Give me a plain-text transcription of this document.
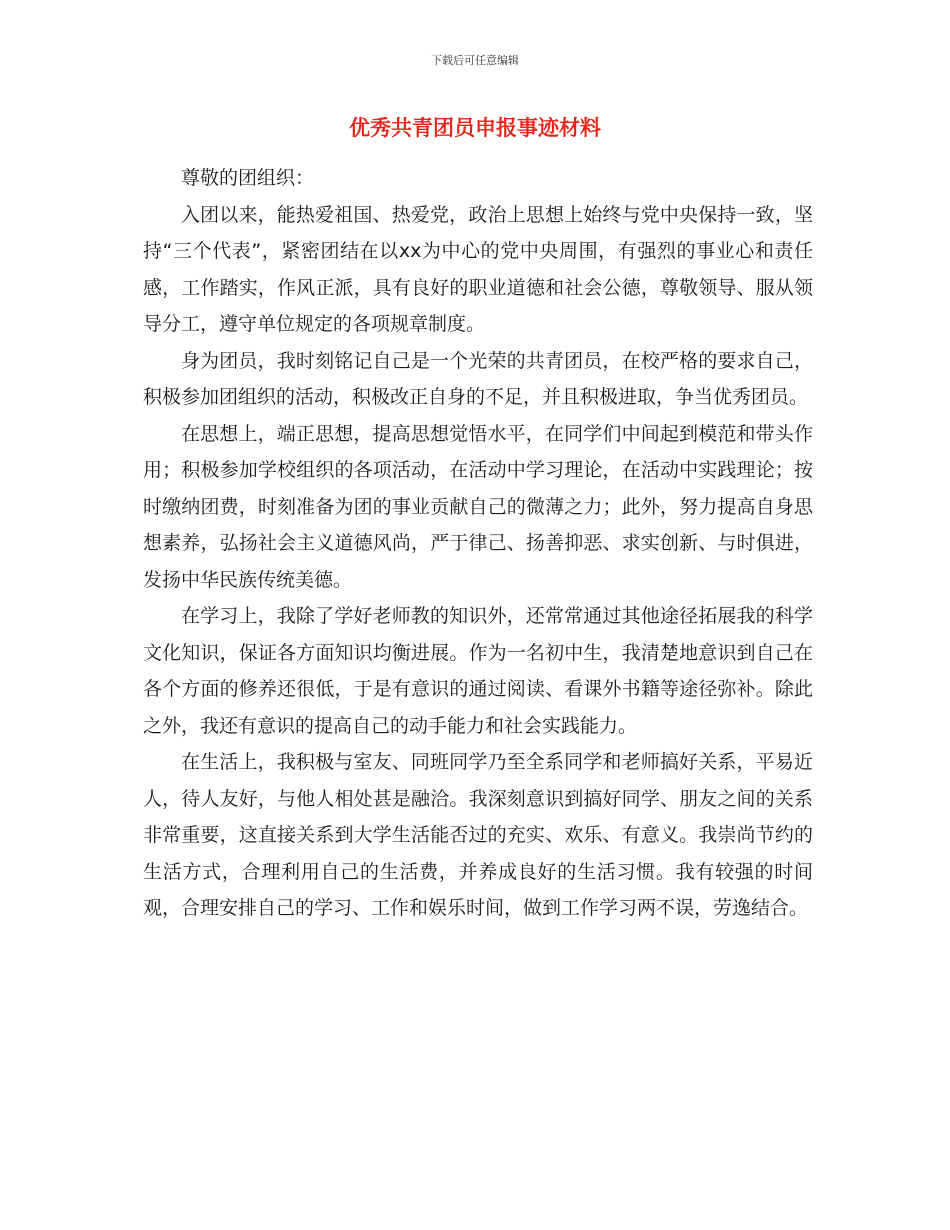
下载后可任意编辑
优秀共青团员申报事迹材料

尊敬的团组织：

入团以来，能热爱祖国、热爱党，政治上思想上始终与党中央保持一致，坚持“三个代表”，紧密团结在以xx为中心的党中央周围，有强烈的事业心和责任感，工作踏实，作风正派，具有良好的职业道德和社会公德，尊敬领导、服从领导分工，遵守单位规定的各项规章制度。

身为团员，我时刻铭记自己是一个光荣的共青团员，在校严格的要求自己，积极参加团组织的活动，积极改正自身的不足，并且积极进取，争当优秀团员。

在思想上，端正思想，提高思想觉悟水平，在同学们中间起到模范和带头作用；积极参加学校组织的各项活动，在活动中学习理论，在活动中实践理论；按时缴纳团费，时刻准备为团的事业贡献自己的微薄之力；此外，努力提高自身思想素养，弘扬社会主义道德风尚，严于律己、扬善抑恶、求实创新、与时俱进，发扬中华民族传统美德。

在学习上，我除了学好老师教的知识外，还常常通过其他途径拓展我的科学文化知识，保证各方面知识均衡进展。作为一名初中生，我清楚地意识到自己在各个方面的修养还很低，于是有意识的通过阅读、看课外书籍等途径弥补。除此之外，我还有意识的提高自己的动手能力和社会实践能力。

在生活上，我积极与室友、同班同学乃至全系同学和老师搞好关系，平易近人，待人友好，与他人相处甚是融洽。我深刻意识到搞好同学、朋友之间的关系非常重要，这直接关系到大学生活能否过的充实、欢乐、有意义。我崇尚节约的生活方式，合理利用自己的生活费，并养成良好的生活习惯。我有较强的时间观，合理安排自己的学习、工作和娱乐时间，做到工作学习两不误，劳逸结合。
